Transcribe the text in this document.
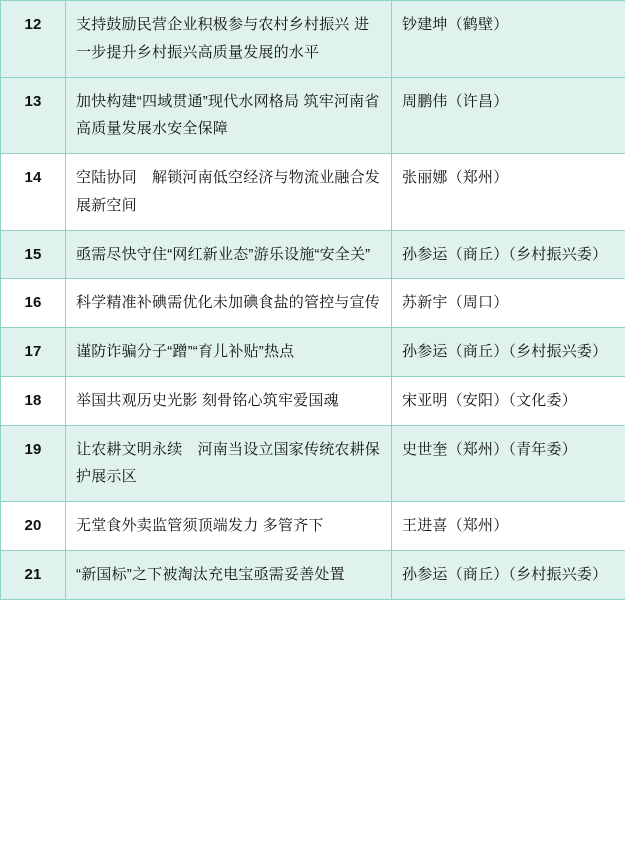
12	支持鼓励民营企业积极参与农村乡村振兴 进一步提升乡村振兴高质量发展的水平	钞建坤（鹤壁）
13	加快构建“四域贯通”现代水网格局 筑牢河南省高质量发展水安全保障	周鹏伟（许昌）
14	空陆协同　解锁河南低空经济与物流业融合发展新空间	张丽娜（郑州）
15	亟需尽快守住“网红新业态”游乐设施“安全关”	孙参运（商丘）（乡村振兴委）
16	科学精准补碘需优化未加碘食盐的管控与宣传	苏新宇（周口）
17	谨防诈骗分子“蹭”“育儿补贴”热点	孙参运（商丘）（乡村振兴委）
18	举国共观历史光影 刻骨铭心筑牢爱国魂	宋亚明（安阳）（文化委）
19	让农耕文明永续　河南当设立国家传统农耕保护展示区	史世奎（郑州）（青年委）
20	无堂食外卖监管须顶端发力 多管齐下	王进喜（郑州）
21	“新国标”之下被淘汰充电宝亟需妥善处置	孙参运（商丘）（乡村振兴委）
